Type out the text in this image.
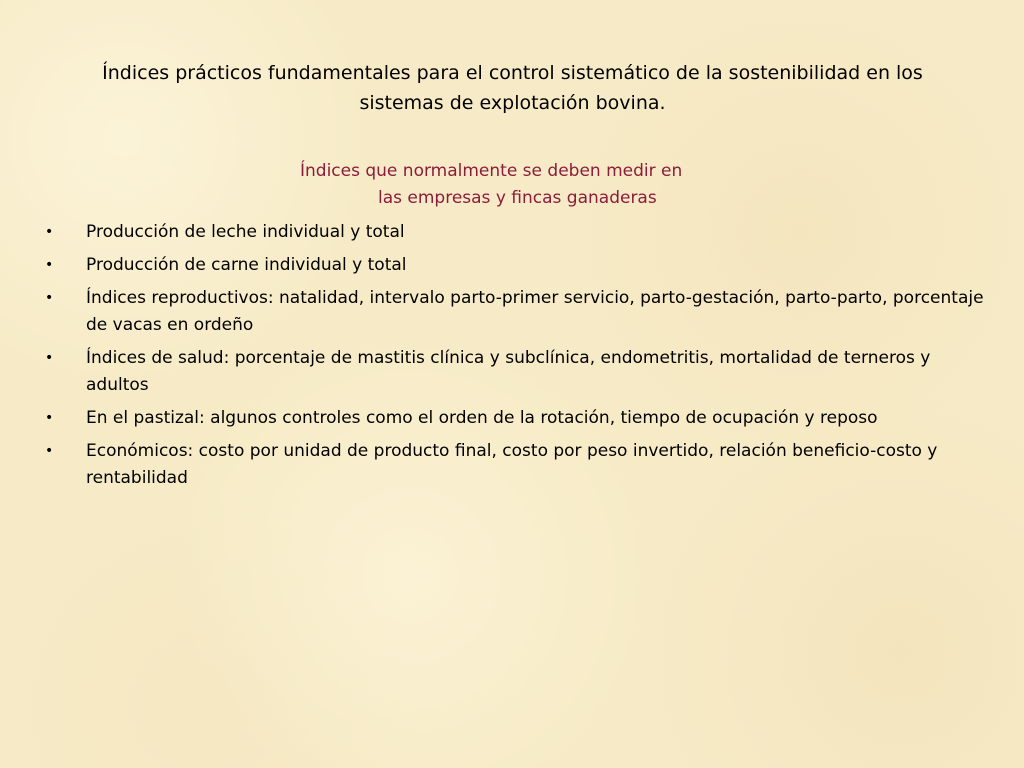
Índices prácticos fundamentales para el control sistemático de la sostenibilidad en los sistemas de explotación bovina.
Índices que normalmente se deben medir en
las empresas y fincas ganaderas
• Producción de leche individual y total
• Producción de carne individual y total
• Índices reproductivos: natalidad, intervalo parto-primer servicio, parto-gestación, parto-parto, porcentaje de vacas en ordeño
• Índices de salud: porcentaje de mastitis clínica y subclínica, endometritis, mortalidad de terneros y adultos
• En el pastizal: algunos controles como el orden de la rotación, tiempo de ocupación y reposo
• Económicos: costo por unidad de producto final, costo por peso invertido, relación beneficio-costo y rentabilidad
